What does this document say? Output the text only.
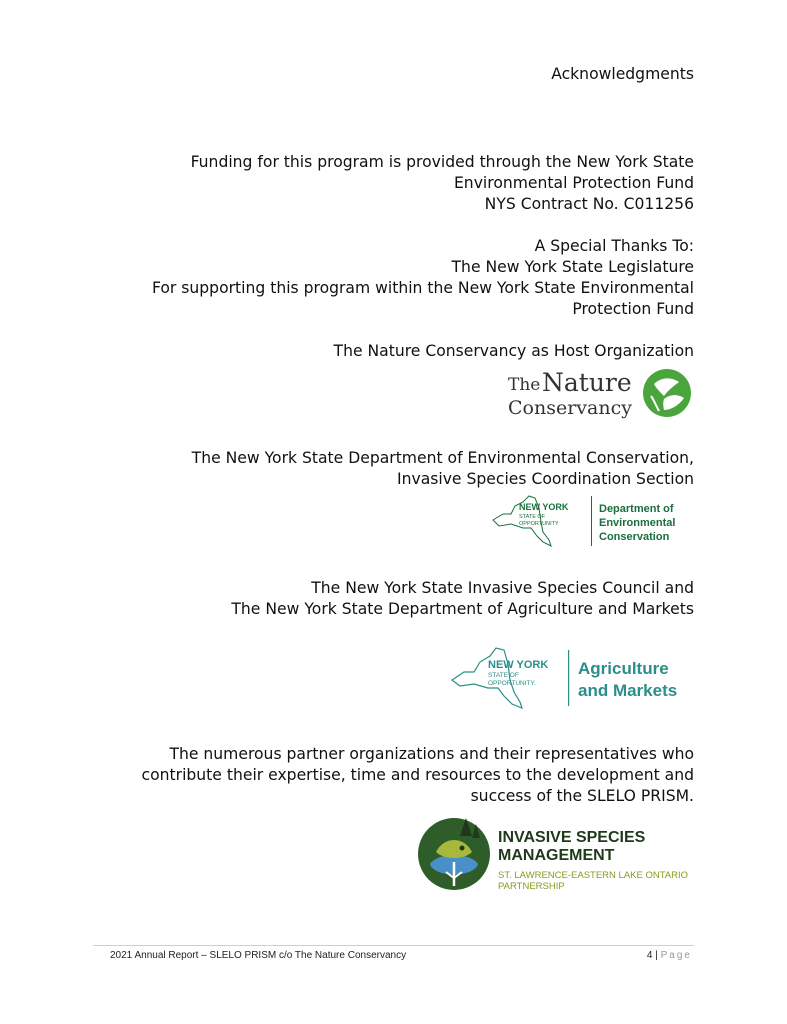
Acknowledgments
Funding for this program is provided through the New York State
Environmental Protection Fund
NYS Contract No. C011256
A Special Thanks To:
The New York State Legislature
For supporting this program within the New York State Environmental
Protection Fund
The Nature Conservancy as Host Organization
The Nature
Conservancy
The New York State Department of Environmental Conservation,
Invasive Species Coordination Section
NEW YORK
STATE OF
OPPORTUNITY
Department of
Environmental
Conservation
The New York State Invasive Species Council and
The New York State Department of Agriculture and Markets
NEW YORK
STATE OF
OPPORTUNITY.
Agriculture
and Markets
The numerous partner organizations and their representatives who
contribute their expertise, time and resources to the development and
success of the SLELO PRISM.
INVASIVE SPECIES
MANAGEMENT
ST. LAWRENCE-EASTERN LAKE ONTARIO
PARTNERSHIP
2021 Annual Report – SLELO PRISM c/o The Nature Conservancy	4 | Page
